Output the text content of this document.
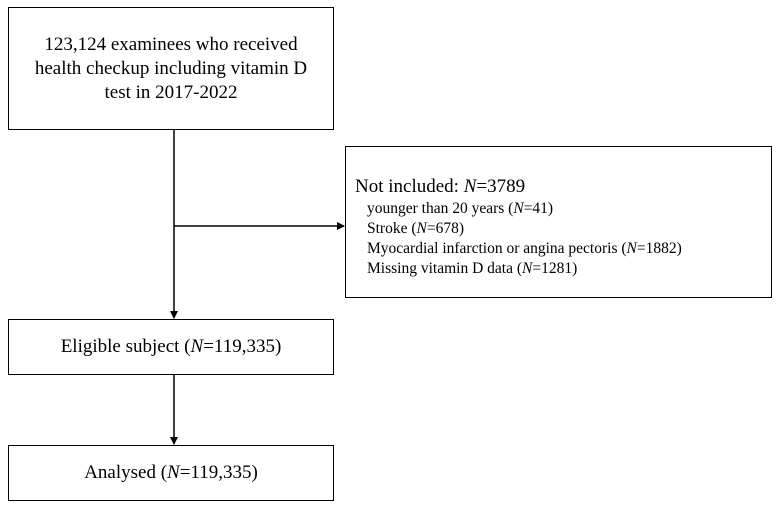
123,124 examinees who received health checkup including vitamin D test in 2017-2022
Not included: N=3789
younger than 20 years (N=41)
Stroke (N=678)
Myocardial infarction or angina pectoris (N=1882)
Missing vitamin D data (N=1281)
Eligible subject (N=119,335)
Analysed (N=119,335)
